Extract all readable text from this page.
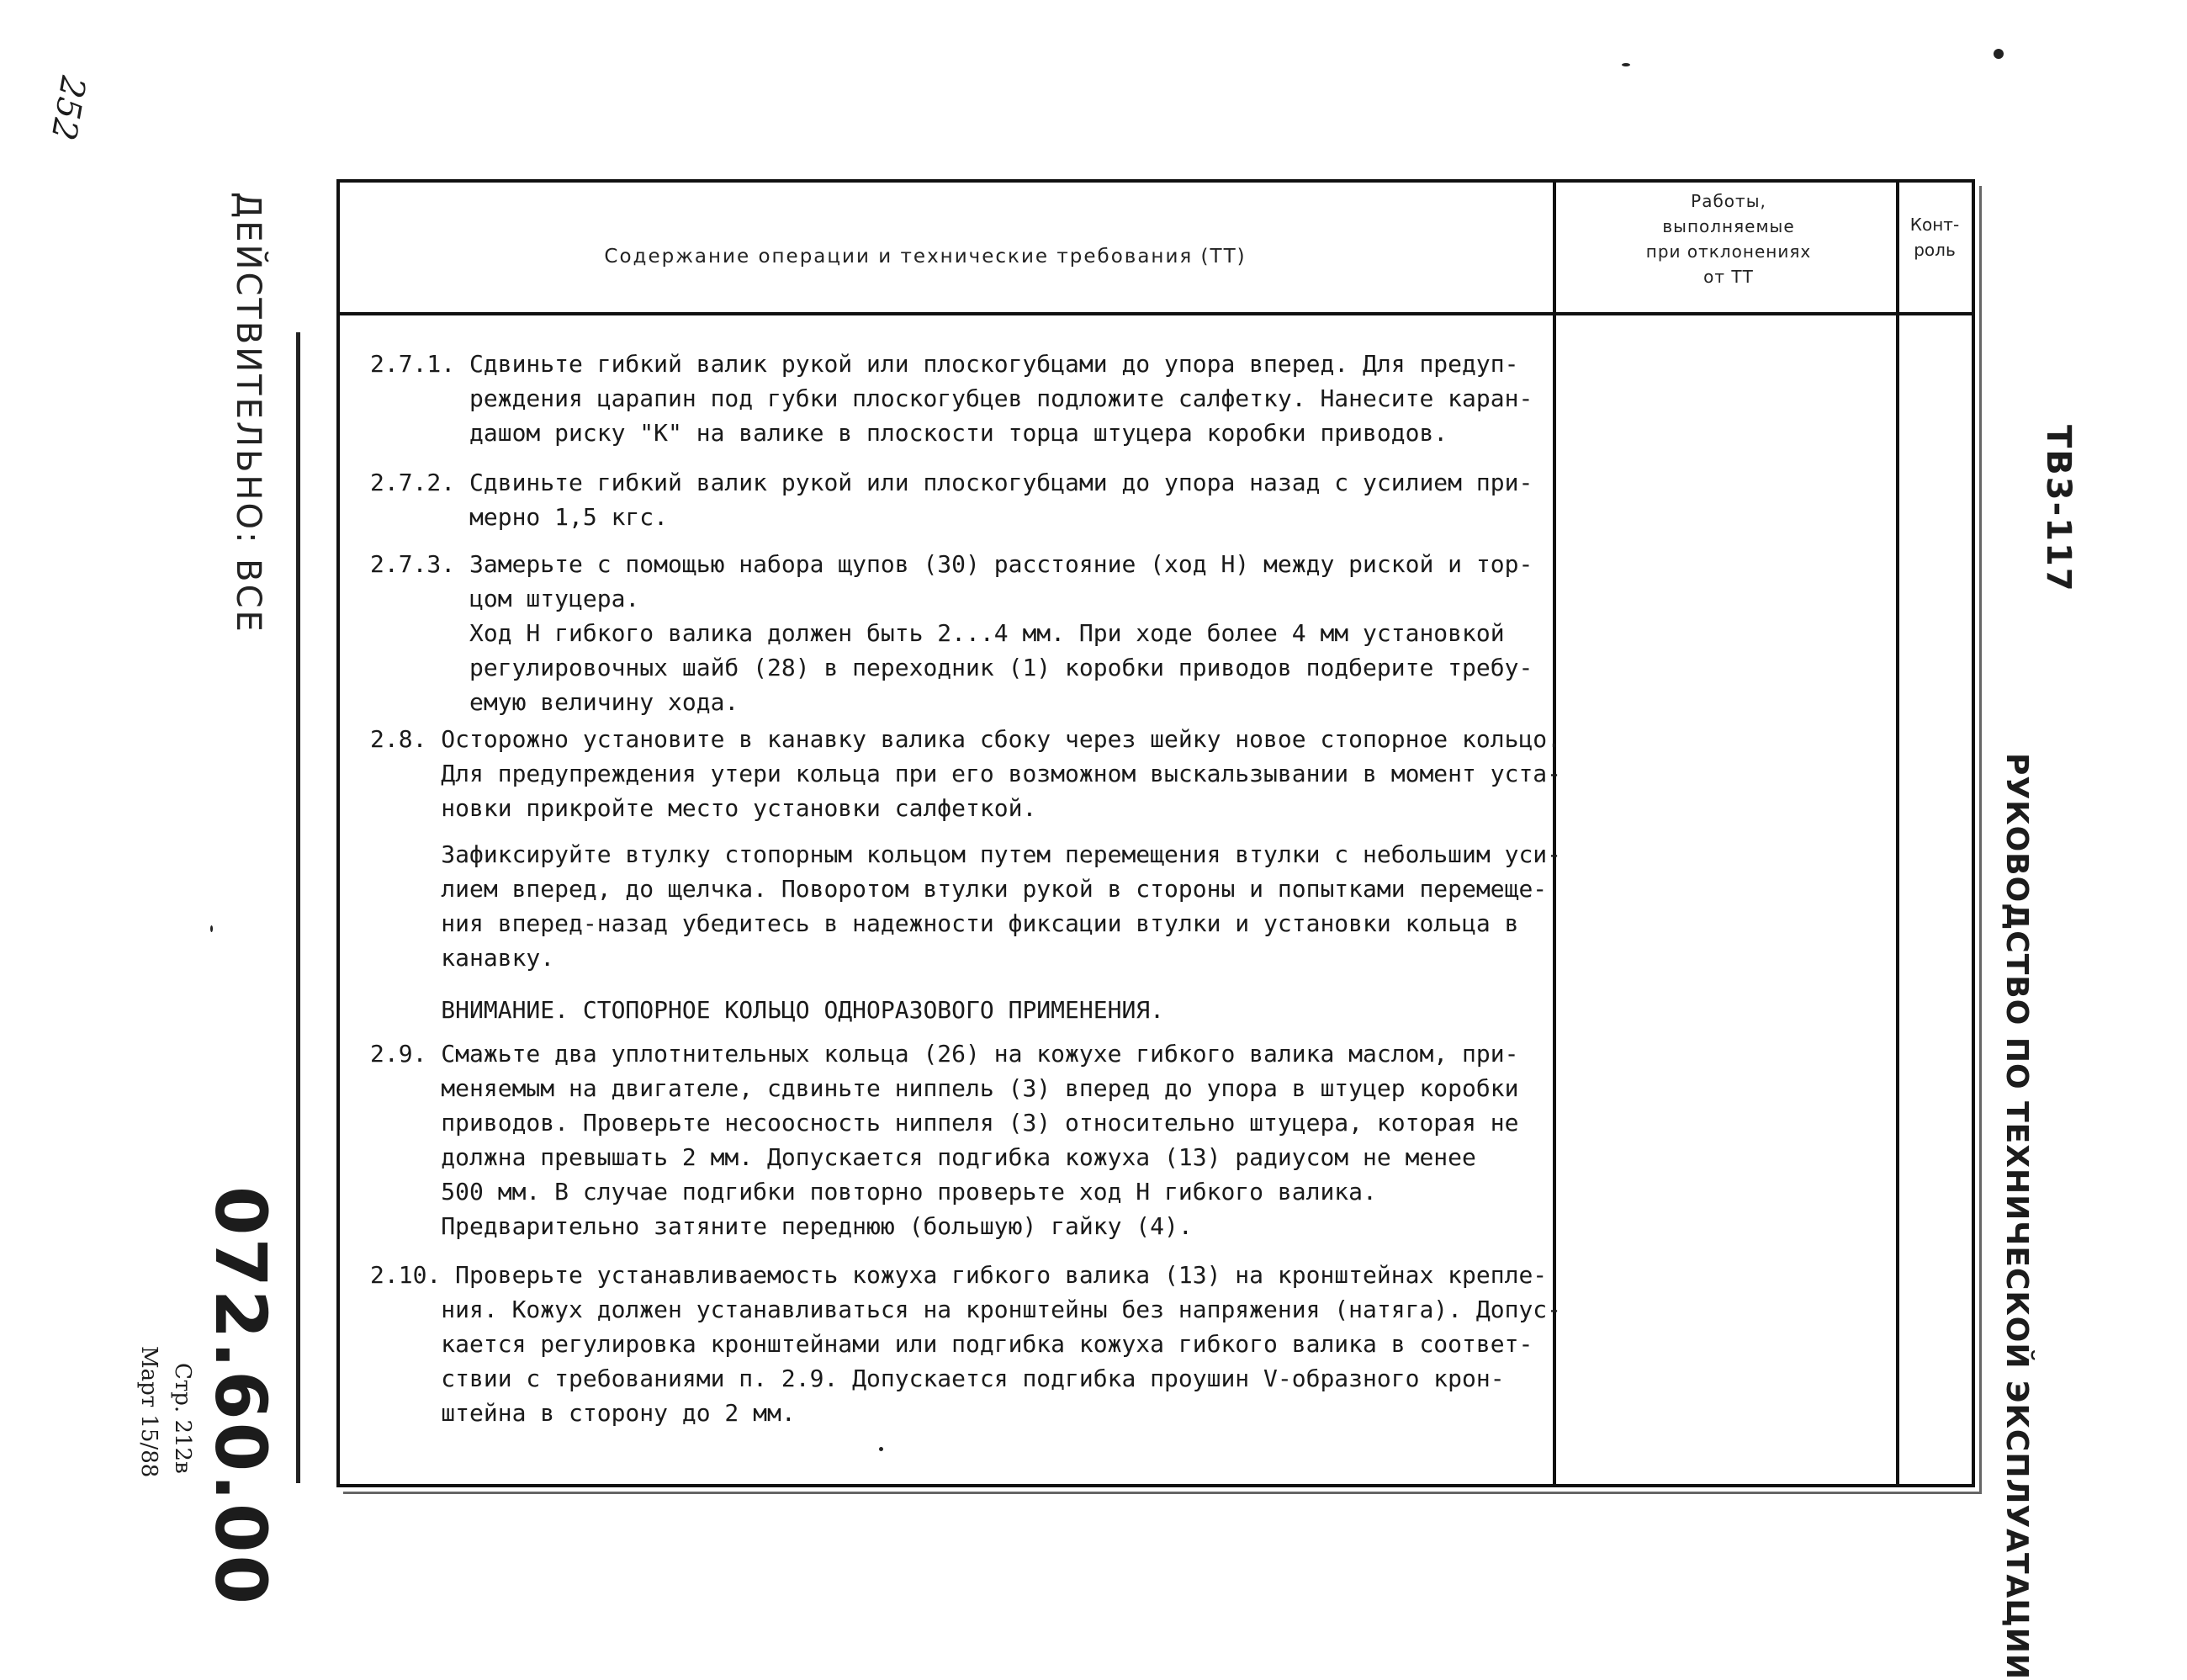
Содержание операции и технические требования (ТТ)
Работы,
выполняемые
при отклонениях
от ТТ
Конт-
роль
2.7.1. Сдвиньте гибкий валик рукой или плоскогубцами до упора вперед. Для предуп-
реждения царапин под губки плоскогубцев подложите салфетку. Нанесите каран-
дашом риску "К" на валике в плоскости торца штуцера коробки приводов.
2.7.2. Сдвиньте гибкий валик рукой или плоскогубцами до упора назад с усилием при-
мерно 1,5 кгс.
2.7.3. Замерьте с помощью набора щупов (30) расстояние (ход Н) между риской и тор-
цом штуцера.
Ход Н гибкого валика должен быть 2...4 мм. При ходе более 4 мм установкой
регулировочных шайб (28) в переходник (1) коробки приводов подберите требу-
емую величину хода.
2.8. Осторожно установите в канавку валика сбоку через шейку новое стопорное кольцо.
Для предупреждения утери кольца при его возможном выскальзывании в момент уста-
новки прикройте место установки салфеткой.
Зафиксируйте втулку стопорным кольцом путем перемещения втулки с небольшим уси-
лием вперед, до щелчка. Поворотом втулки рукой в стороны и попытками перемеще-
ния вперед-назад убедитесь в надежности фиксации втулки и установки кольца в
канавку.
ВНИМАНИЕ. СТОПОРНОЕ КОЛЬЦО ОДНОРАЗОВОГО ПРИМЕНЕНИЯ.
2.9. Смажьте два уплотнительных кольца (26) на кожухе гибкого валика маслом, при-
меняемым на двигателе, сдвиньте ниппель (3) вперед до упора в штуцер коробки
приводов. Проверьте несоосность ниппеля (3) относительно штуцера, которая не
должна превышать 2 мм. Допускается подгибка кожуха (13) радиусом не менее
500 мм. В случае подгибки повторно проверьте ход Н гибкого валика.
Предварительно затяните переднюю (большую) гайку (4).
2.10. Проверьте устанавливаемость кожуха гибкого валика (13) на кронштейнах крепле-
ния. Кожух должен устанавливаться на кронштейны без напряжения (натяга). Допус-
кается регулировка кронштейнами или подгибка кожуха гибкого валика в соответ-
ствии с требованиями п. 2.9. Допускается подгибка проушин V-образного крон-
штейна в сторону до 2 мм.
ТВ3-117
РУКОВОДСТВО ПО ТЕХНИЧЕСКОЙ ЭКСПЛУАТАЦИИ
ДЕЙСТВИТЕЛЬНО: ВСЕ
072.60.00
Стр. 212в
Март 15/88
252
